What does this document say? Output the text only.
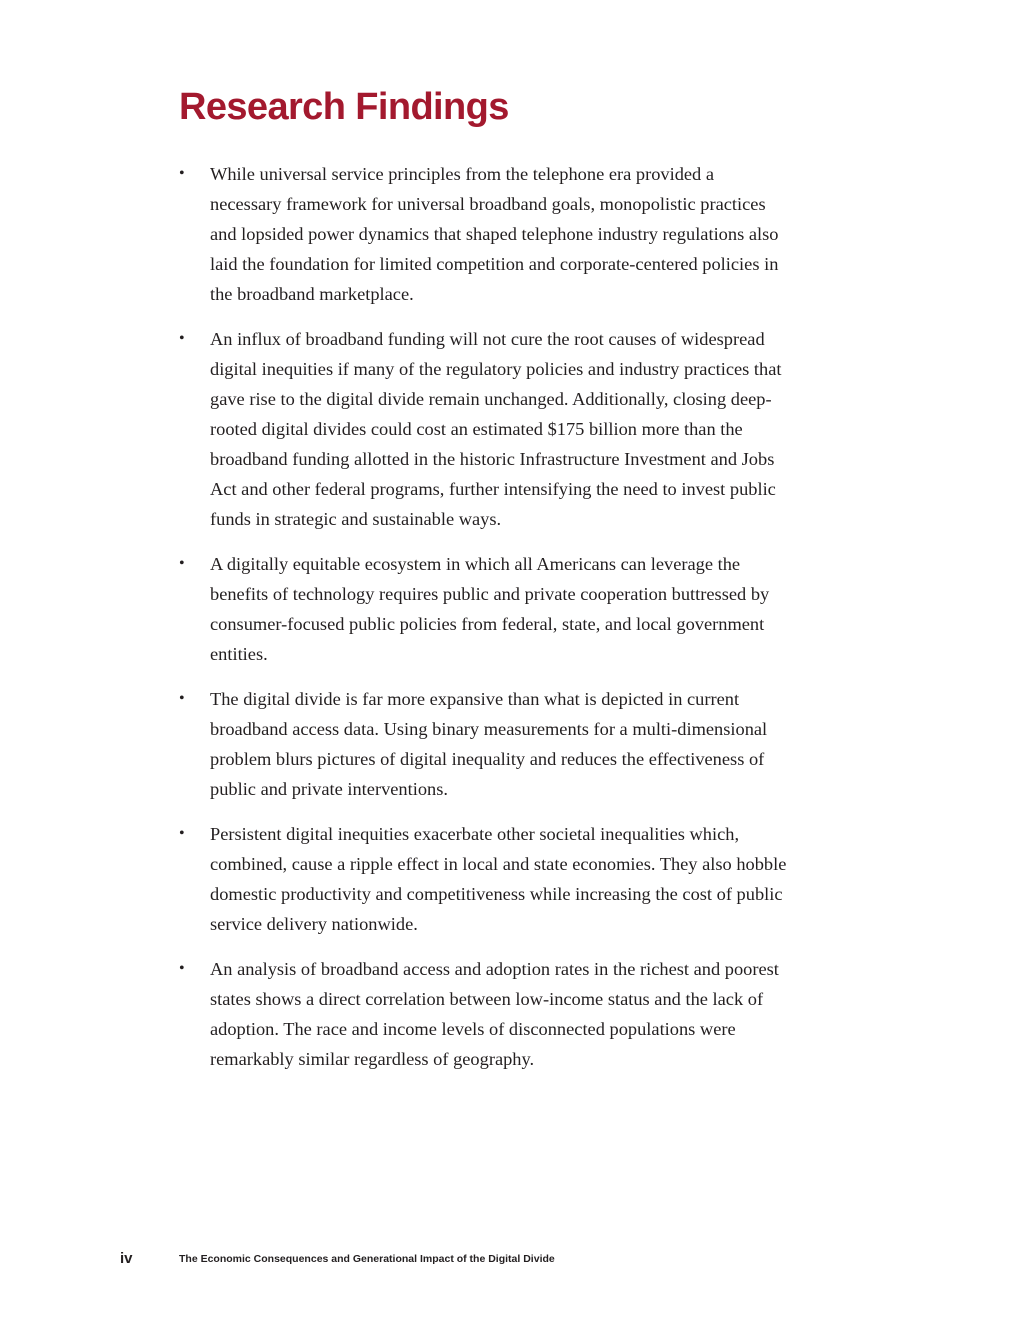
Research Findings
• While universal service principles from the telephone era provided a necessary framework for universal broadband goals, monopolistic practices and lopsided power dynamics that shaped telephone industry regulations also laid the foundation for limited competition and corporate-centered policies in the broadband marketplace.
• An influx of broadband funding will not cure the root causes of widespread digital inequities if many of the regulatory policies and industry practices that gave rise to the digital divide remain unchanged. Additionally, closing deep-rooted digital divides could cost an estimated $175 billion more than the broadband funding allotted in the historic Infrastructure Investment and Jobs Act and other federal programs, further intensifying the need to invest public funds in strategic and sustainable ways.
• A digitally equitable ecosystem in which all Americans can leverage the benefits of technology requires public and private cooperation buttressed by consumer-focused public policies from federal, state, and local government entities.
• The digital divide is far more expansive than what is depicted in current broadband access data. Using binary measurements for a multi-dimensional problem blurs pictures of digital inequality and reduces the effectiveness of public and private interventions.
• Persistent digital inequities exacerbate other societal inequalities which, combined, cause a ripple effect in local and state economies. They also hobble domestic productivity and competitiveness while increasing the cost of public service delivery nationwide.
• An analysis of broadband access and adoption rates in the richest and poorest states shows a direct correlation between low-income status and the lack of adoption. The race and income levels of disconnected populations were remarkably similar regardless of geography.
iv	The Economic Consequences and Generational Impact of the Digital Divide
